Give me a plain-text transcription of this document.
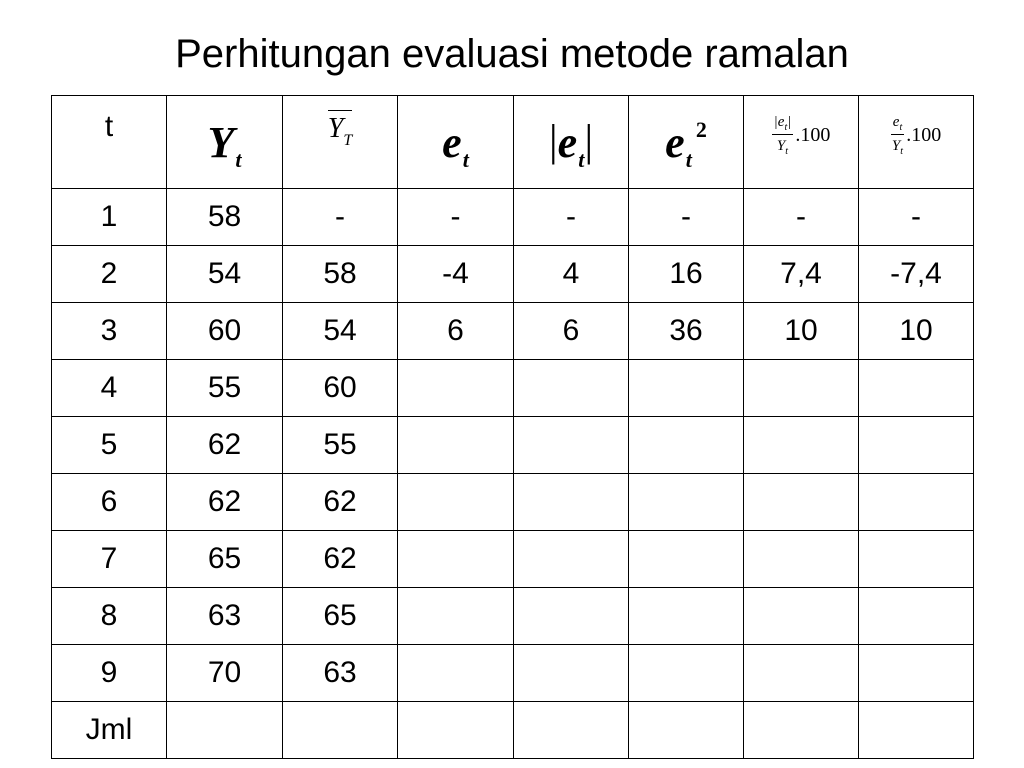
Perhitungan evaluasi metode ramalan
t	$Y_t$	$Y_T$	$e_t$	$|e_t|$	$e_t^2$	$\frac{|e_t|}{Y_t} .100$	$\frac{e_t}{Y_t} .100$

1	58	-	-	-	-	-	-
2	54	58	-4	4	16	7,4	-7,4
3	60	54	6	6	36	10	10
4	55	60					
5	62	55					
6	62	62					
7	65	62					
8	63	65					
9	70	63					
Jml							
